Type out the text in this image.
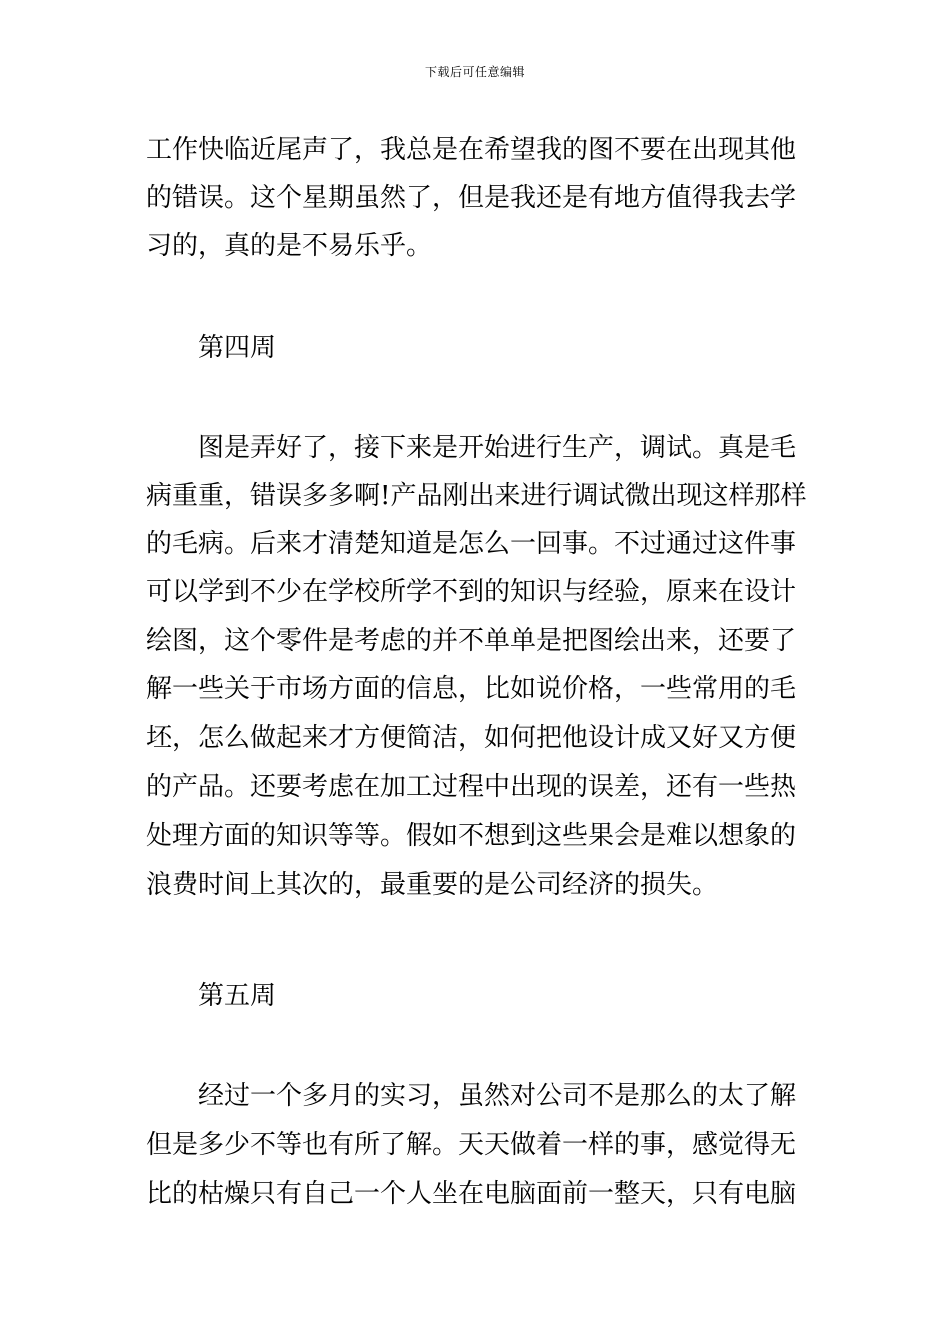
下载后可任意编辑
工作快临近尾声了，我总是在希望我的图不要在出现其他
的错误。这个星期虽然了，但是我还是有地方值得我去学
习的，真的是不易乐乎。
第四周
图是弄好了，接下来是开始进行生产，调试。真是毛
病重重，错误多多啊!产品刚出来进行调试微出现这样那样
的毛病。后来才清楚知道是怎么一回事。不过通过这件事
可以学到不少在学校所学不到的知识与经验，原来在设计
绘图，这个零件是考虑的并不单单是把图绘出来，还要了
解一些关于市场方面的信息，比如说价格，一些常用的毛
坯，怎么做起来才方便简洁，如何把他设计成又好又方便
的产品。还要考虑在加工过程中出现的误差，还有一些热
处理方面的知识等等。假如不想到这些果会是难以想象的
浪费时间上其次的，最重要的是公司经济的损失。
第五周
经过一个多月的实习，虽然对公司不是那么的太了解
但是多少不等也有所了解。天天做着一样的事，感觉得无
比的枯燥只有自己一个人坐在电脑面前一整天，只有电脑
